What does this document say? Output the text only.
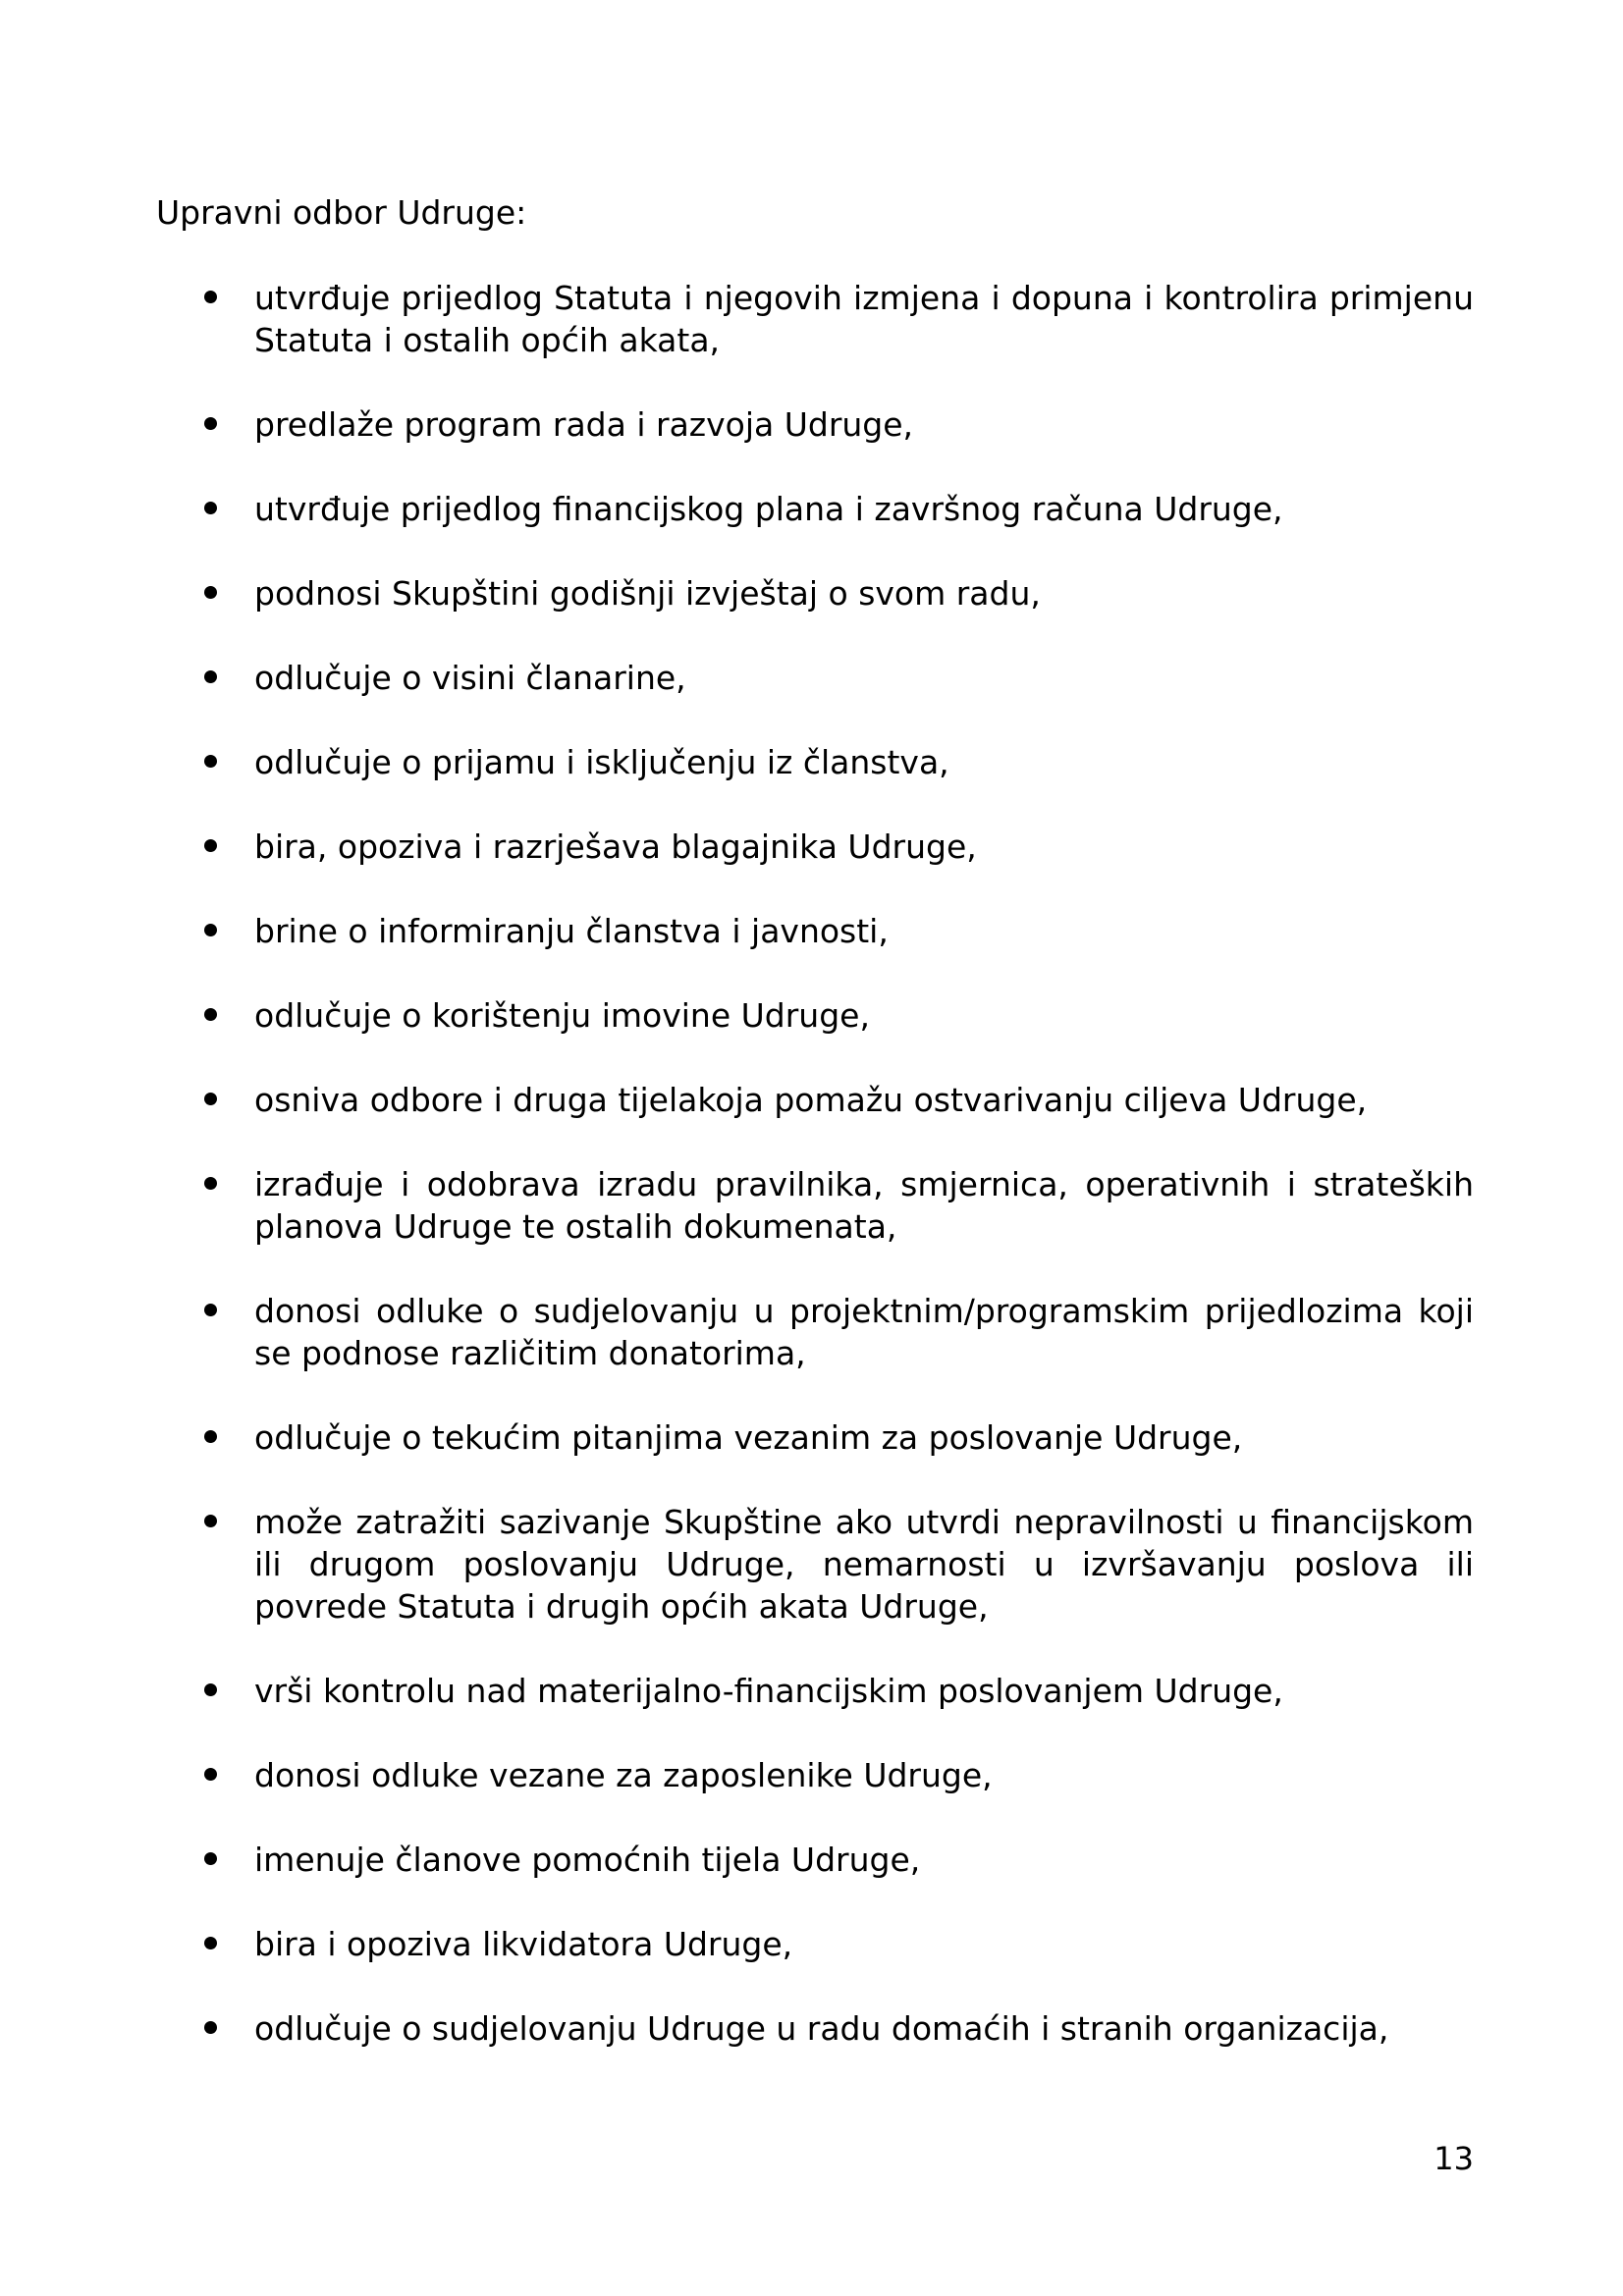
Upravni odbor Udruge:

utvrđuje prijedlog Statuta i njegovih izmjena i dopuna i kontrolira primjenu Statuta i ostalih općih akata,
predlaže program rada i razvoja Udruge,
utvrđuje prijedlog financijskog plana i završnog računa Udruge,
podnosi Skupštini godišnji izvještaj o svom radu,
odlučuje o visini članarine,
odlučuje o prijamu i isključenju iz članstva,
bira, opoziva i razrješava blagajnika Udruge,
brine o informiranju članstva i javnosti,
odlučuje o korištenju imovine Udruge,
osniva odbore i druga tijelakoja pomažu ostvarivanju ciljeva Udruge,
izrađuje i odobrava izradu pravilnika, smjernica, operativnih i strateških planova Udruge te ostalih dokumenata,
donosi odluke o sudjelovanju u projektnim/programskim prijedlozima koji se podnose različitim donatorima,
odlučuje o tekućim pitanjima vezanim za poslovanje Udruge,
može zatražiti sazivanje Skupštine ako utvrdi nepravilnosti u financijskom ili drugom poslovanju Udruge, nemarnosti u izvršavanju poslova ili povrede Statuta i drugih općih akata Udruge,
vrši kontrolu nad materijalno-financijskim poslovanjem Udruge,
donosi odluke vezane za zaposlenike Udruge,
imenuje članove pomoćnih tijela Udruge,
bira i opoziva likvidatora Udruge,
odlučuje o sudjelovanju Udruge u radu domaćih i stranih organizacija,
13
